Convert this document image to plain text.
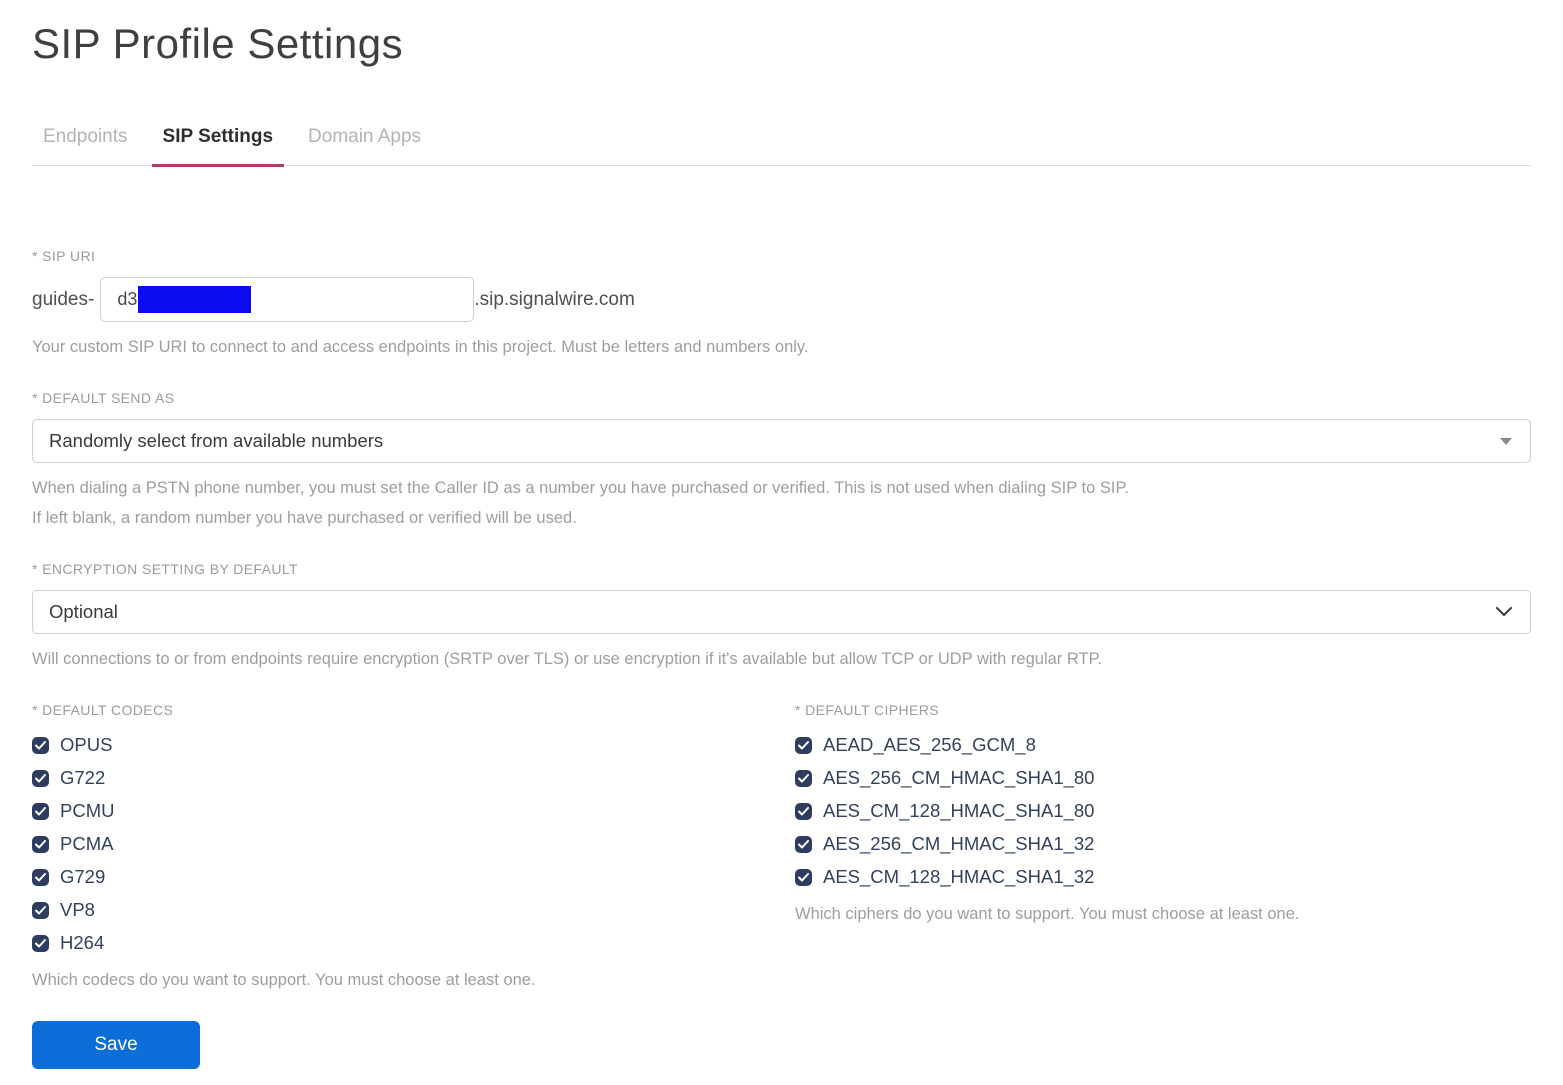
SIP Profile Settings
Endpoints	SIP Settings	Domain Apps
* SIP URI
guides- d3	.sip.signalwire.com
Your custom SIP URI to connect to and access endpoints in this project. Must be letters and numbers only.
* DEFAULT SEND AS
Randomly select from available numbers
When dialing a PSTN phone number, you must set the Caller ID as a number you have purchased or verified. This is not used when dialing SIP to SIP.
If left blank, a random number you have purchased or verified will be used.
* ENCRYPTION SETTING BY DEFAULT
Optional
Will connections to or from endpoints require encryption (SRTP over TLS) or use encryption if it's available but allow TCP or UDP with regular RTP.
* DEFAULT CODECS
OPUS
G722
PCMU
PCMA
G729
VP8
H264
Which codecs do you want to support. You must choose at least one.
Save
* DEFAULT CIPHERS
AEAD_AES_256_GCM_8
AES_256_CM_HMAC_SHA1_80
AES_CM_128_HMAC_SHA1_80
AES_256_CM_HMAC_SHA1_32
AES_CM_128_HMAC_SHA1_32
Which ciphers do you want to support. You must choose at least one.
